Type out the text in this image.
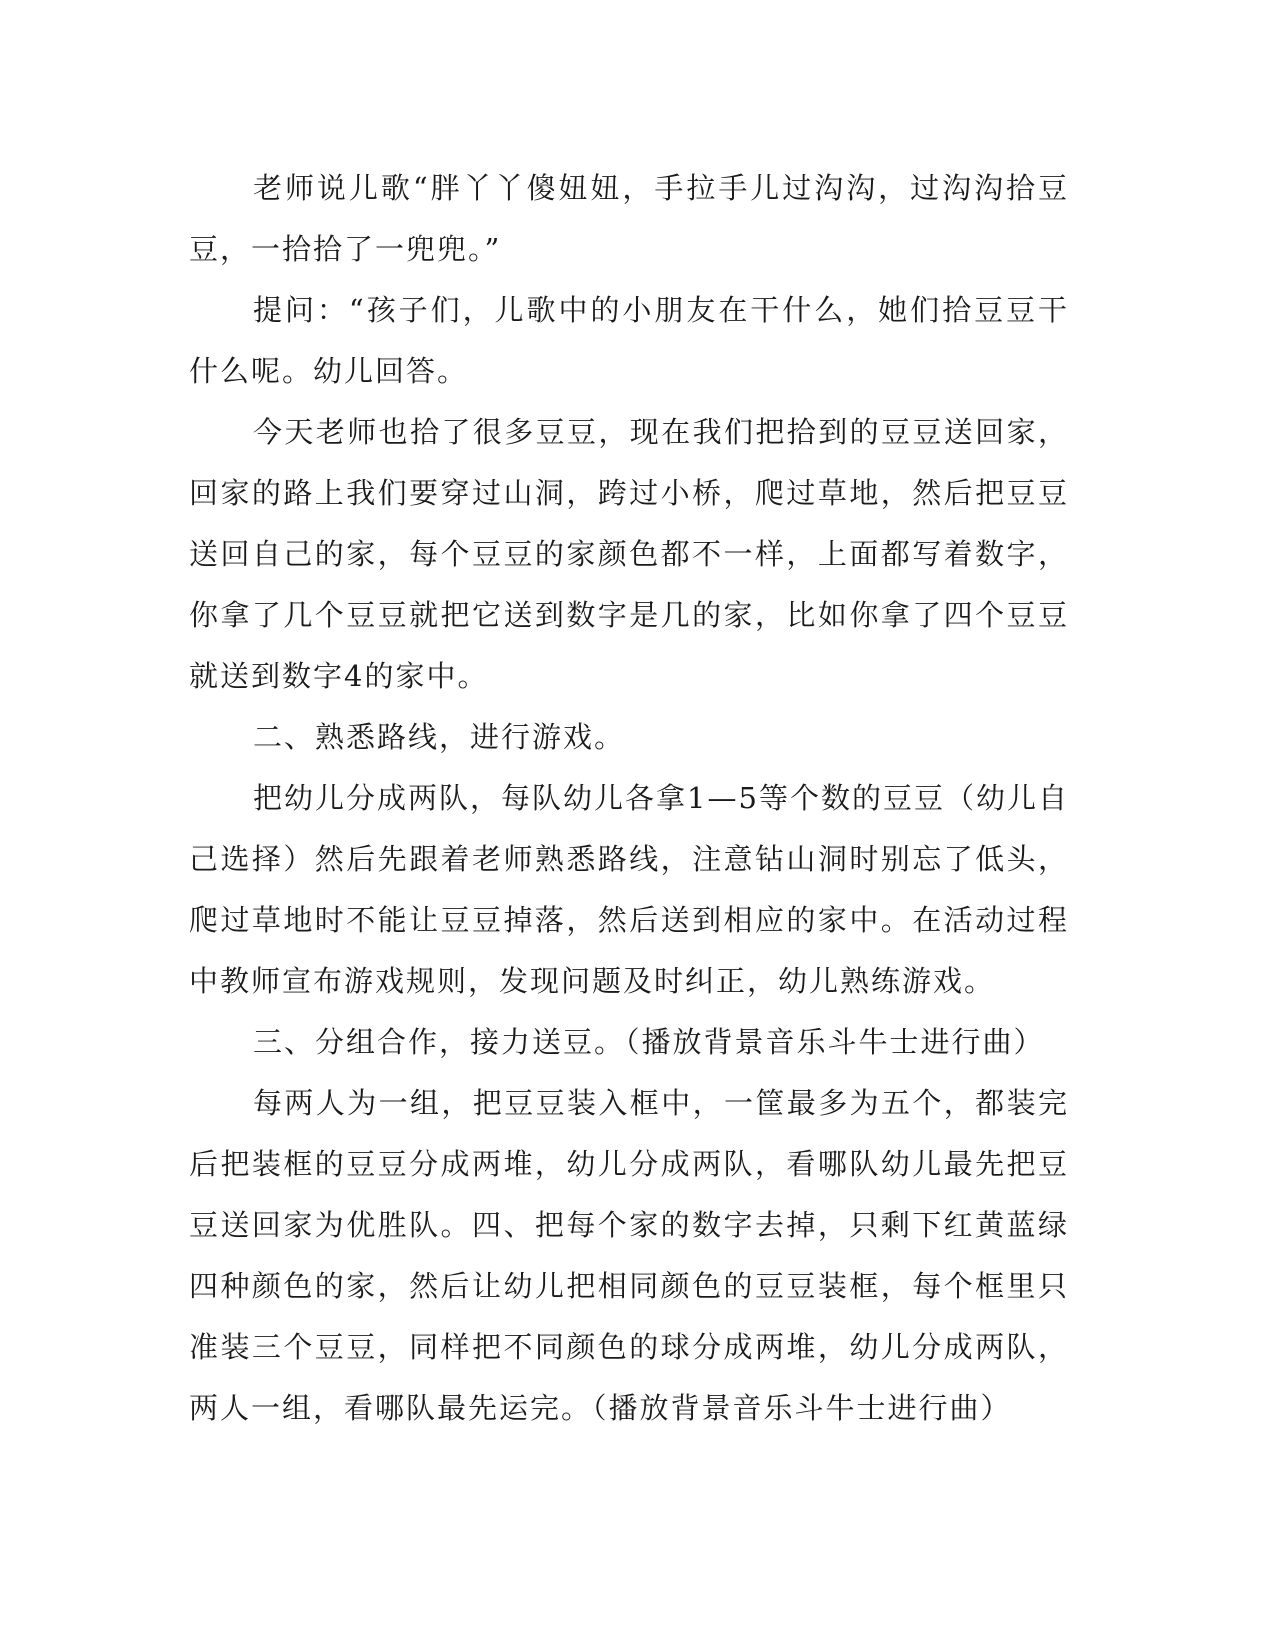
老师说儿歌“胖丫丫傻妞妞，手拉手儿过沟沟，过沟沟拾豆豆，一拾拾了一兜兜。”

提问：“孩子们，儿歌中的小朋友在干什么，她们拾豆豆干什么呢。幼儿回答。

今天老师也拾了很多豆豆，现在我们把拾到的豆豆送回家，回家的路上我们要穿过山洞，跨过小桥，爬过草地，然后把豆豆送回自己的家，每个豆豆的家颜色都不一样，上面都写着数字，你拿了几个豆豆就把它送到数字是几的家，比如你拿了四个豆豆就送到数字4的家中。

二、熟悉路线，进行游戏。

把幼儿分成两队，每队幼儿各拿1—5等个数的豆豆（幼儿自己选择）然后先跟着老师熟悉路线，注意钻山洞时别忘了低头，爬过草地时不能让豆豆掉落，然后送到相应的家中。在活动过程中教师宣布游戏规则，发现问题及时纠正，幼儿熟练游戏。

三、分组合作，接力送豆。（播放背景音乐斗牛士进行曲）

每两人为一组，把豆豆装入框中，一筐最多为五个，都装完后把装框的豆豆分成两堆，幼儿分成两队，看哪队幼儿最先把豆豆送回家为优胜队。四、把每个家的数字去掉，只剩下红黄蓝绿四种颜色的家，然后让幼儿把相同颜色的豆豆装框，每个框里只准装三个豆豆，同样把不同颜色的球分成两堆，幼儿分成两队，两人一组，看哪队最先运完。（播放背景音乐斗牛士进行曲）
